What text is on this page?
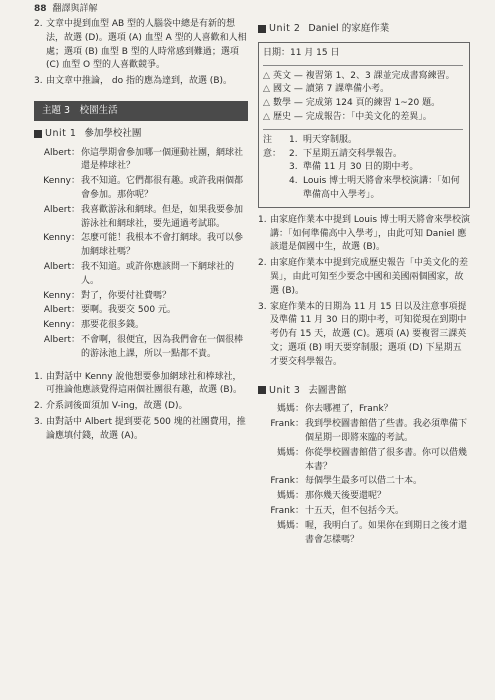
88 翻譯與詳解
2. 文章中提到血型 AB 型的人腦袋中總是有新的想法，故選 (D)。選項 (A) 血型 A 型的人喜歡和人相處；選項 (B) 血型 B 型的人時常感到難過；選項 (C) 血型 O 型的人喜歡競爭。
3. 由文章中推論， do 指的應為達到，故選 (B)。
主題 3　校園生活
Unit 1 參加學校社團
Albert： 你這學期會參加哪一個運動社團，網球社還是棒球社？
Kenny： 我不知道。它們都很有趣。或許我兩個都會參加。那你呢？
Albert： 我喜歡游泳和網球。但是，如果我要參加游泳社和網球社，要先通過考試耶。
Kenny： 怎麼可能！我根本不會打網球。我可以參加網球社嗎？
Albert： 我不知道。或許你應該問一下網球社的人。
Kenny： 對了，你要付社費嗎？
Albert： 要啊。我要交 500 元。
Kenny： 那要花很多錢。
Albert： 不會啊，很便宜，因為我們會在一個很棒的游泳池上課，所以一點都不貴。
1. 由對話中 Kenny 說他想要參加網球社和棒球社，可推論他應該覺得這兩個社團很有趣，故選 (B)。
2. 介系詞後面須加 V-ing，故選 (D)。
3. 由對話中 Albert 提到要花 500 塊的社團費用，推論應填付錢，故選 (A)。
Unit 2 Daniel 的家庭作業
日期：11 月 15 日
△ 英文 — 複習第 1、2、3 課並完成書寫練習。
△ 國文 — 讀第 7 課準備小考。
△ 數學 — 完成第 124 頁的練習 1~20 題。
△ 歷史 — 完成報告：「中美文化的差異」。
注意：
1. 明天穿制服。
2. 下星期五請交科學報告。
3. 準備 11 月 30 日的期中考。
4. Louis 博士明天將會來學校演講：「如何準備高中入學考」。
1. 由家庭作業本中提到 Louis 博士明天將會來學校演講：「如何準備高中入學考」，由此可知 Daniel 應該還是個國中生，故選 (B)。
2. 由家庭作業本中提到完成歷史報告「中美文化的差異」，由此可知至少要念中國和美國兩個國家，故選 (B)。
3. 家庭作業本的日期為 11 月 15 日以及注意事項提及準備 11 月 30 日的期中考，可知從現在到期中考仍有 15 天，故選 (C)。選項 (A) 要複習三課英文；選項 (B) 明天要穿制服；選項 (D) 下星期五才要交科學報告。
Unit 3 去圖書館
媽媽： 你去哪裡了，Frank？
Frank： 我到學校圖書館借了些書。我必須準備下個星期一即將來臨的考試。
媽媽： 你從學校圖書館借了很多書。你可以借幾本書？
Frank： 每個學生最多可以借二十本。
媽媽： 那你幾天後要還呢？
Frank： 十五天，但不包括今天。
媽媽： 喔，我明白了。如果你在到期日之後才還書會怎樣嗎？
